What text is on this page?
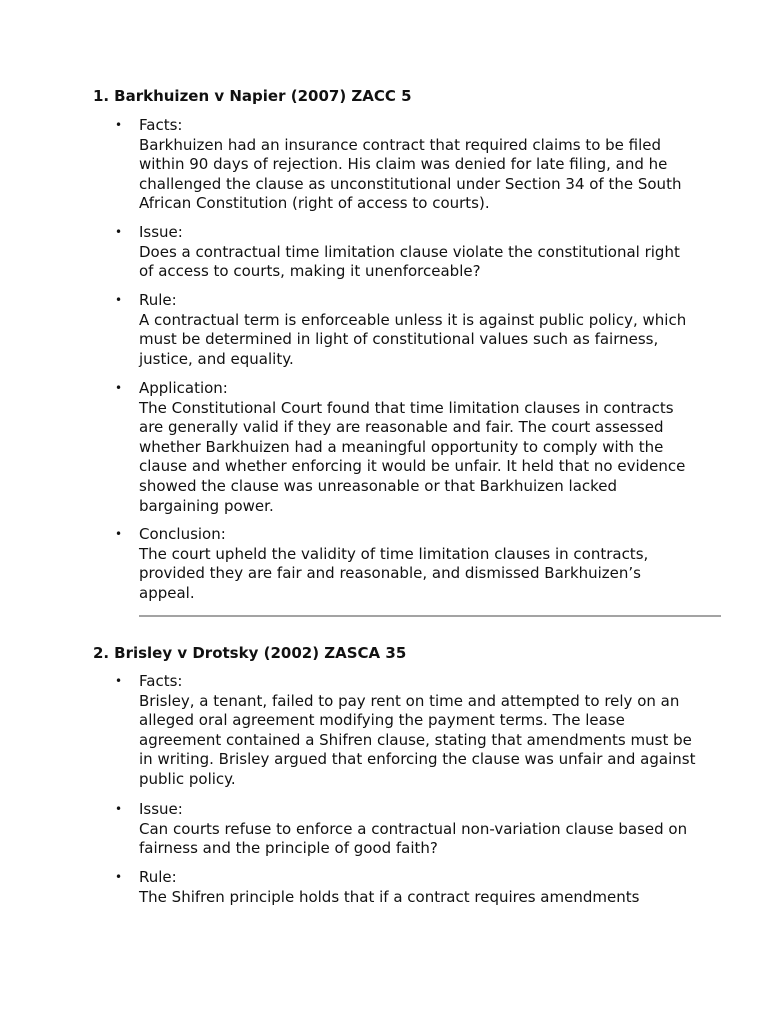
1. Barkhuizen v Napier (2007) ZACC 5
• Facts:
Barkhuizen had an insurance contract that required claims to be filed within 90 days of rejection. His claim was denied for late filing, and he challenged the clause as unconstitutional under Section 34 of the South African Constitution (right of access to courts).
• Issue:
Does a contractual time limitation clause violate the constitutional right of access to courts, making it unenforceable?
• Rule:
A contractual term is enforceable unless it is against public policy, which must be determined in light of constitutional values such as fairness, justice, and equality.
• Application:
The Constitutional Court found that time limitation clauses in contracts are generally valid if they are reasonable and fair. The court assessed whether Barkhuizen had a meaningful opportunity to comply with the clause and whether enforcing it would be unfair. It held that no evidence showed the clause was unreasonable or that Barkhuizen lacked bargaining power.
• Conclusion:
The court upheld the validity of time limitation clauses in contracts, provided they are fair and reasonable, and dismissed Barkhuizen’s appeal.
2. Brisley v Drotsky (2002) ZASCA 35
• Facts:
Brisley, a tenant, failed to pay rent on time and attempted to rely on an alleged oral agreement modifying the payment terms. The lease agreement contained a Shifren clause, stating that amendments must be in writing. Brisley argued that enforcing the clause was unfair and against public policy.
• Issue:
Can courts refuse to enforce a contractual non-variation clause based on fairness and the principle of good faith?
• Rule:
The Shifren principle holds that if a contract requires amendments
